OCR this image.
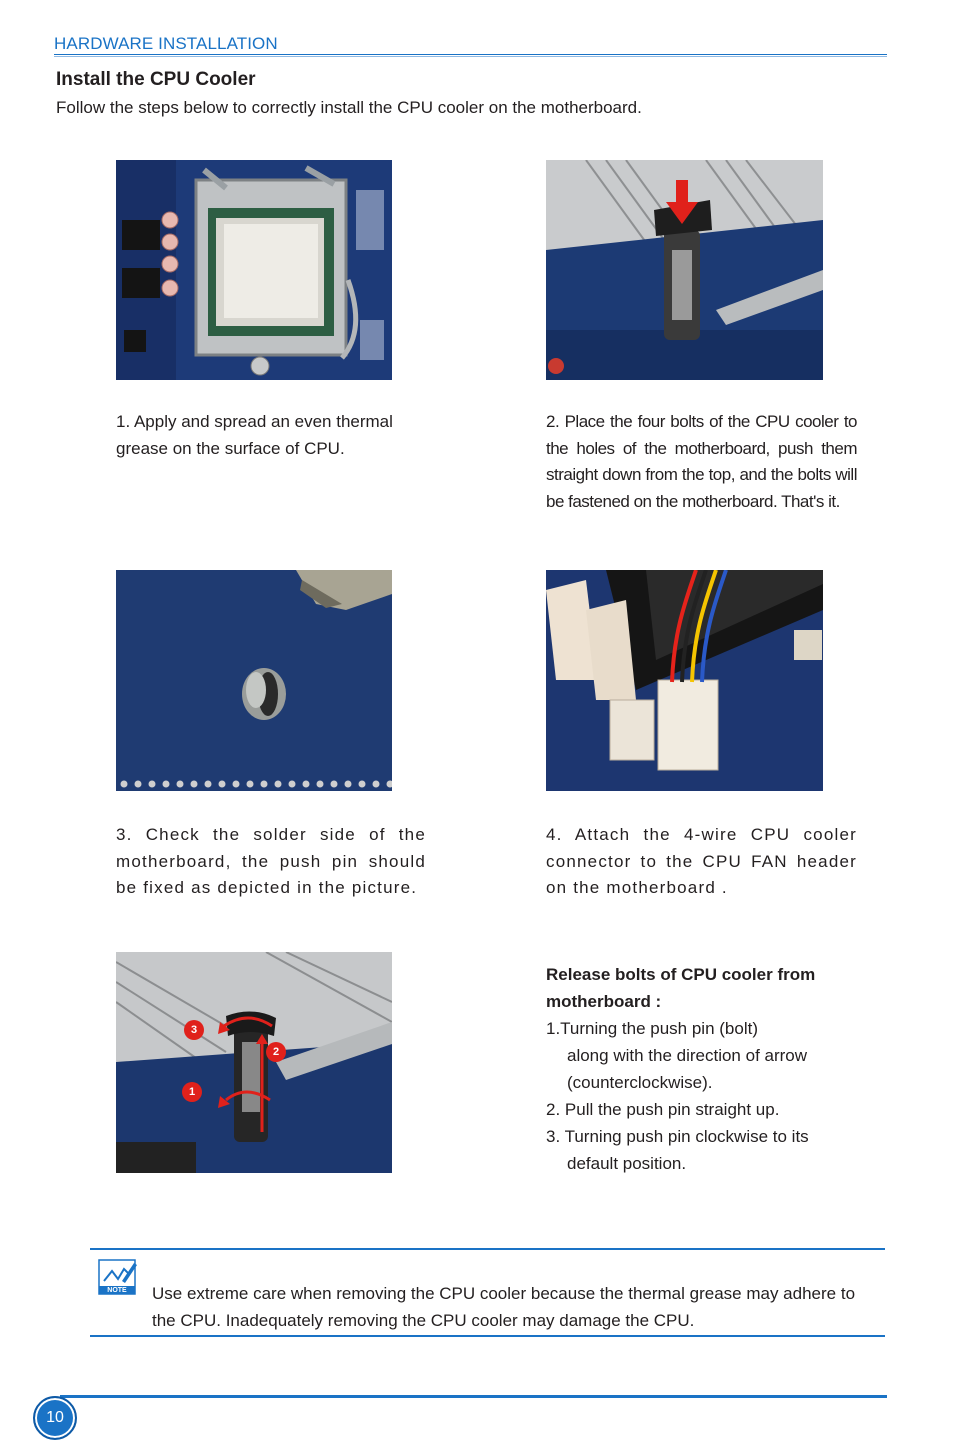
HARDWARE INSTALLATION
Install the CPU Cooler
Follow the steps below to correctly install the CPU cooler on the motherboard.
1. Apply and spread an even thermal grease on the surface of CPU.
2. Place the four bolts of the CPU cooler to the holes of the motherboard, push them straight down from the top, and the bolts will be fastened on the motherboard. That's it.
3. Check the solder side of the motherboard, the push pin should be fixed as depicted in the picture.
4. Attach the 4-wire CPU cooler connector to the CPU FAN header on the motherboard .
3
2
1
Release bolts of CPU cooler from motherboard :
1.Turning the push pin (bolt)
along with the direction of arrow
(counterclockwise).
2. Pull the push pin straight up.
3. Turning push pin clockwise to its
default position.
NOTE	Use extreme care when removing the CPU cooler because the thermal grease may adhere to the CPU. Inadequately removing the CPU cooler may damage the CPU.
10
